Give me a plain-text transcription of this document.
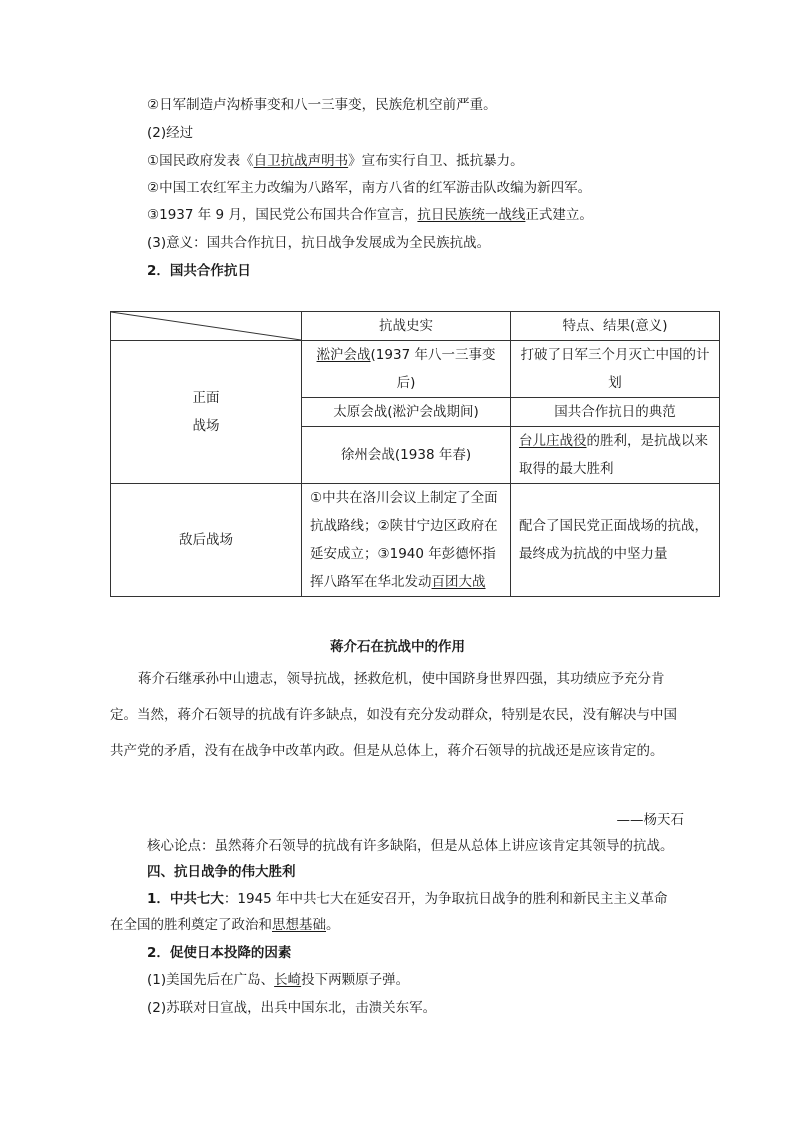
②日军制造卢沟桥事变和八一三事变，民族危机空前严重。
(2)经过
①国民政府发表《自卫抗战声明书》宣布实行自卫、抵抗暴力。
②中国工农红军主力改编为八路军，南方八省的红军游击队改编为新四军。
③1937 年 9 月，国民党公布国共合作宣言，抗日民族统一战线正式建立。
(3)意义：国共合作抗日，抗日战争发展成为全民族抗战。
2．国共合作抗日
	抗战史实	特点、结果(意义)

正面
战场	淞沪会战(1937 年八一三事变后)	打破了日军三个月灭亡中国的计划
	太原会战(淞沪会战期间)	国共合作抗日的典范
	徐州会战(1938 年春)	台儿庄战役的胜利，是抗战以来取得的最大胜利
敌后战场	①中共在洛川会议上制定了全面抗战路线；②陕甘宁边区政府在延安成立；③1940 年彭德怀指挥八路军在华北发动百团大战	配合了国民党正面战场的抗战，最终成为抗战的中坚力量
蒋介石在抗战中的作用
蒋介石继承孙中山遗志，领导抗战，拯救危机，使中国跻身世界四强，其功绩应予充分肯定。当然，蒋介石领导的抗战有许多缺点，如没有充分发动群众，特别是农民，没有解决与中国共产党的矛盾，没有在战争中改革内政。但是从总体上，蒋介石领导的抗战还是应该肯定的。
——杨天石
核心论点：虽然蒋介石领导的抗战有许多缺陷，但是从总体上讲应该肯定其领导的抗战。
四、抗日战争的伟大胜利
1．中共七大：1945 年中共七大在延安召开，为争取抗日战争的胜利和新民主主义革命
在全国的胜利奠定了政治和思想基础。
2．促使日本投降的因素
(1)美国先后在广岛、长崎投下两颗原子弹。
(2)苏联对日宣战，出兵中国东北，击溃关东军。
